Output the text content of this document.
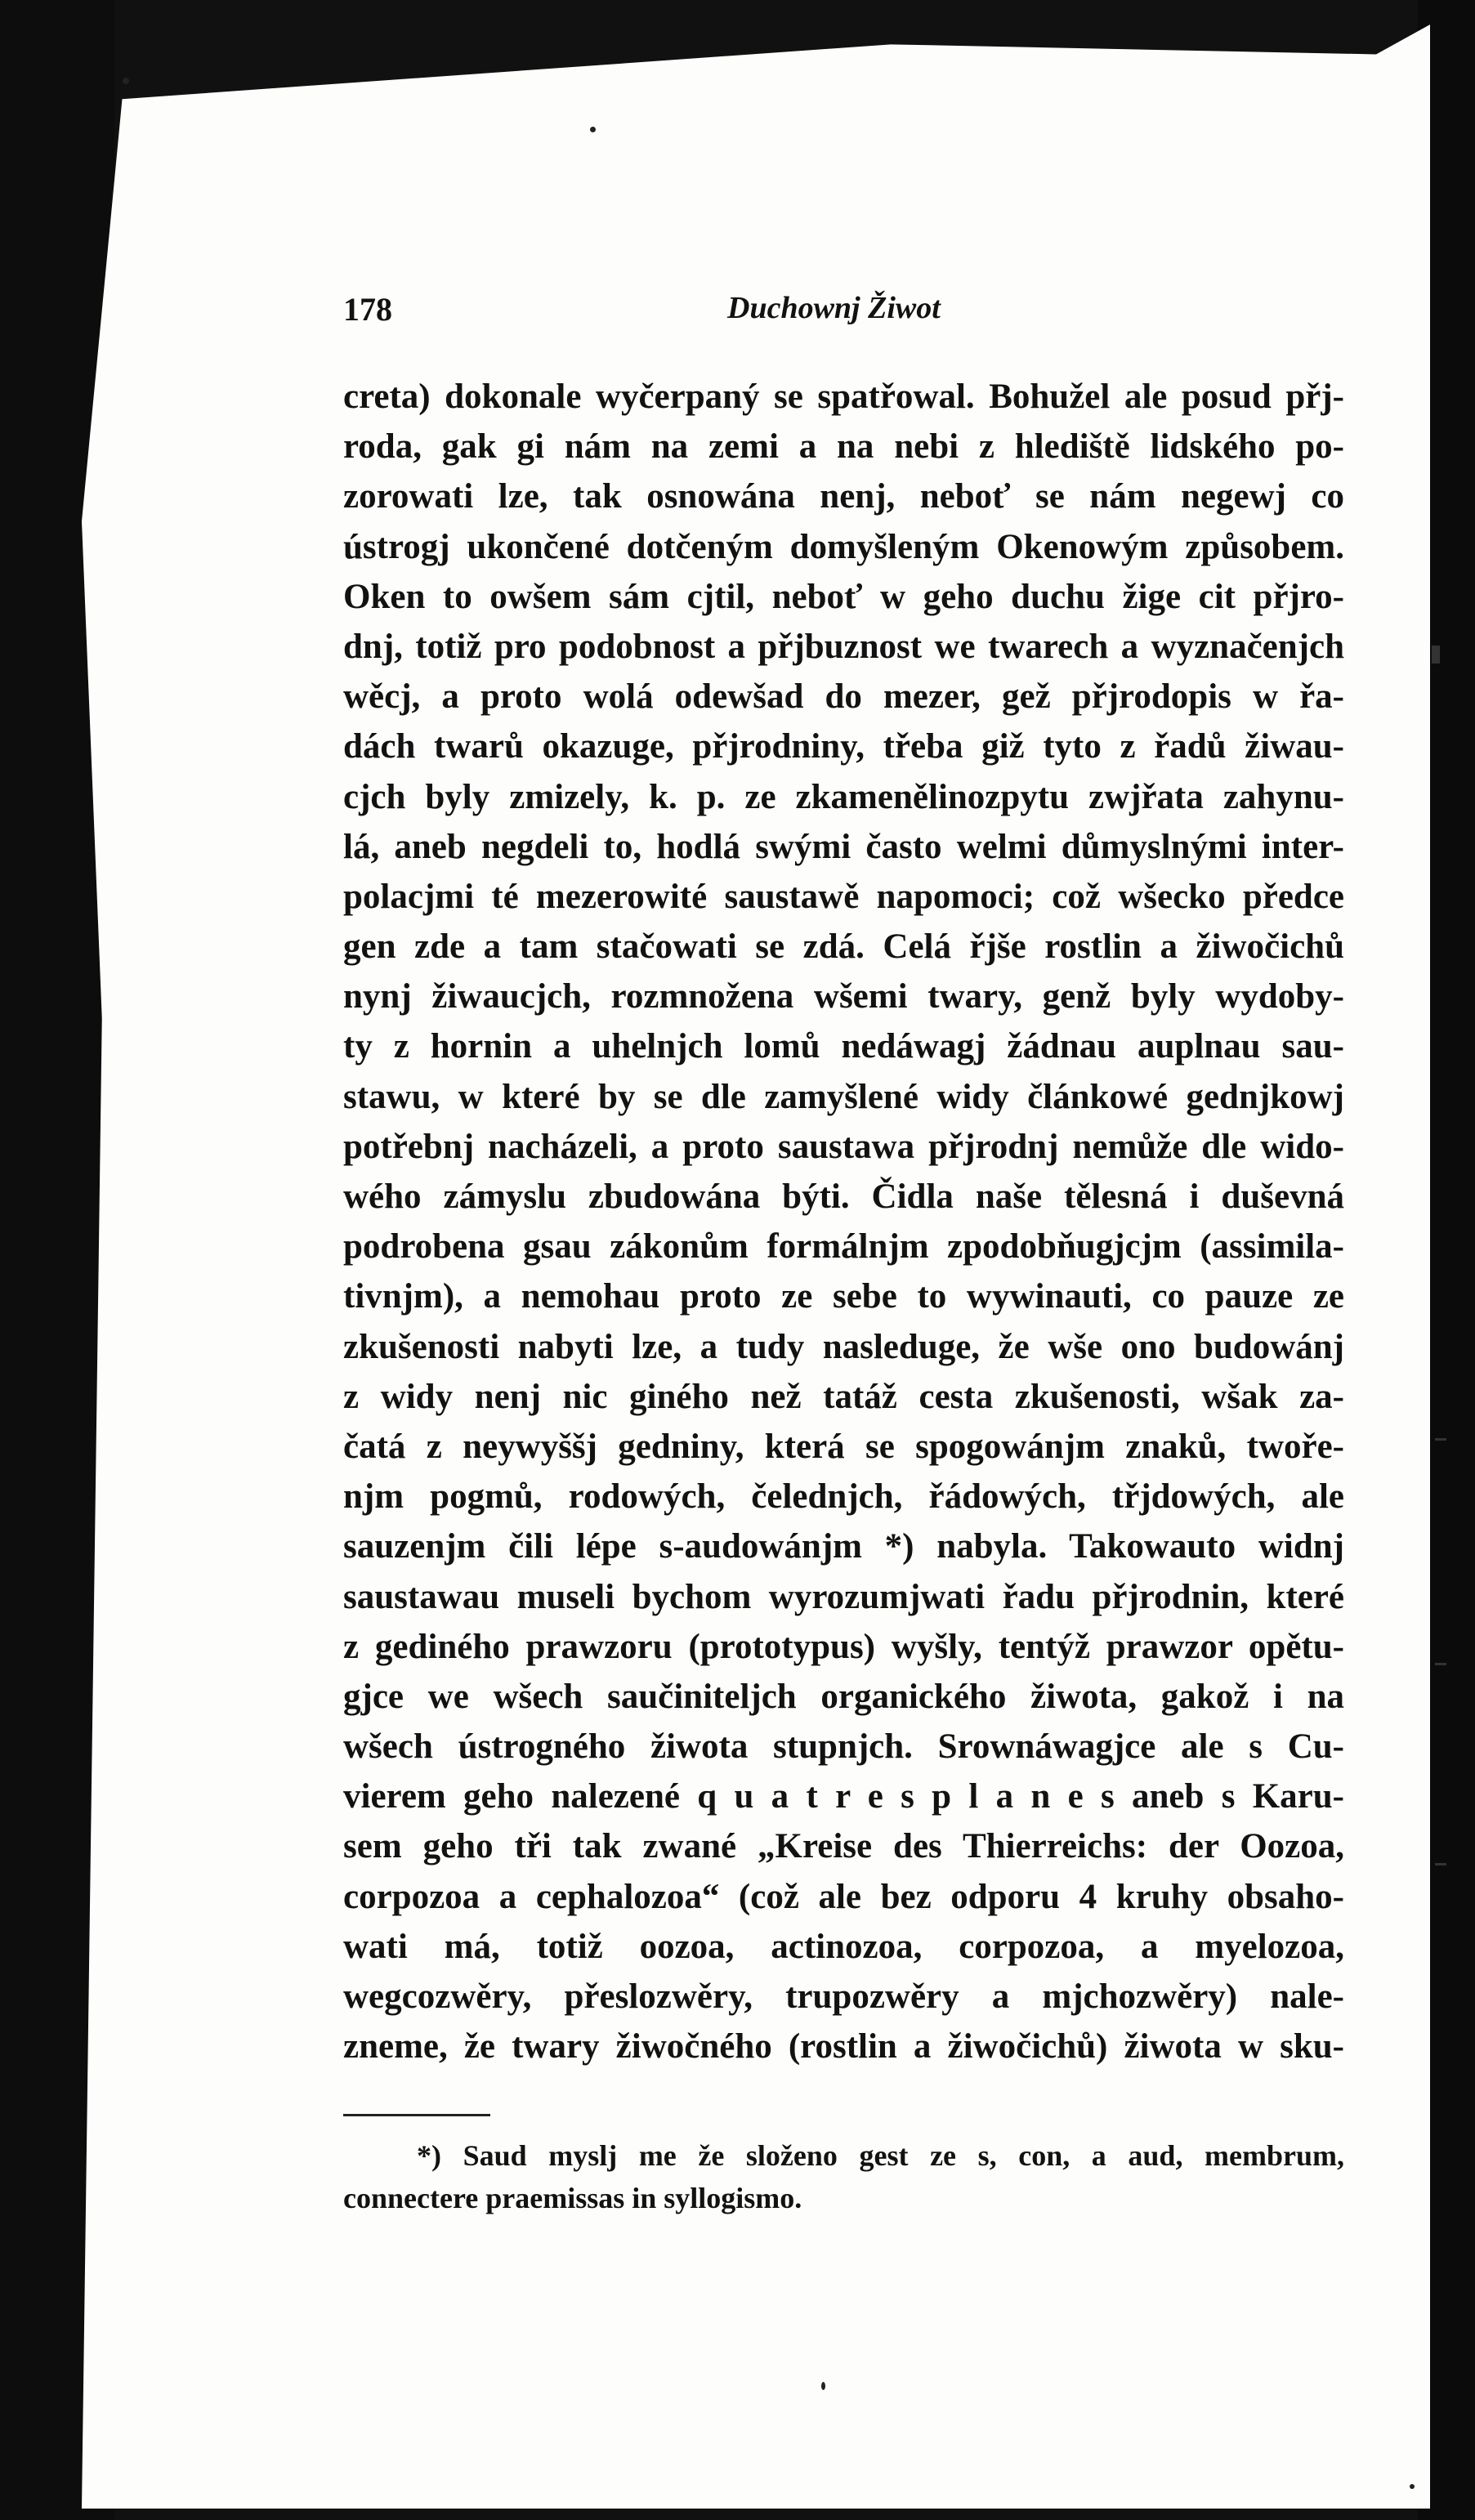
178	Duchownj Žiwot
creta) dokonale wyčerpaný se spatřowal. Bohužel ale posud přj-
roda, gak gi nám na zemi a na nebi z hlediště lidského po-
zorowati lze, tak osnowána nenj, neboť se nám negewj co
ústrogj ukončené dotčeným domyšleným Okenowým způsobem.
Oken to owšem sám cjtil, neboť w geho duchu žige cit přjro-
dnj, totiž pro podobnost a přjbuznost we twarech a wyznačenjch
wěcj, a proto wolá odewšad do mezer, gež přjrodopis w řa-
dách twarů okazuge, přjrodniny, třeba giž tyto z řadů žiwau-
cjch byly zmizely, k. p. ze zkamenělinozpytu zwjřata zahynu-
lá, aneb negdeli to, hodlá swými často welmi důmyslnými inter-
polacjmi té mezerowité saustawě napomoci; což wšecko předce
gen zde a tam stačowati se zdá. Celá řjše rostlin a žiwočichů
nynj žiwaucjch, rozmnožena wšemi twary, genž byly wydoby-
ty z hornin a uhelnjch lomů nedáwagj žádnau auplnau sau-
stawu, w které by se dle zamyšlené widy článkowé gednjkowj
potřebnj nacházeli, a proto saustawa přjrodnj nemůže dle wido-
wého zámyslu zbudowána býti. Čidla naše tělesná i duševná
podrobena gsau zákonům formálnjm zpodobňugjcjm (assimila-
tivnjm), a nemohau proto ze sebe to wywinauti, co pauze ze
zkušenosti nabyti lze, a tudy nasleduge, že wše ono budowánj
z widy nenj nic giného než tatáž cesta zkušenosti, wšak za-
čatá z neywyššj gedniny, která se spogowánjm znaků, twoře-
njm pogmů, rodowých, čelednjch, řádowých, třjdowých, ale
sauzenjm čili lépe s-audowánjm *) nabyla. Takowauto widnj
saustawau museli bychom wyrozumjwati řadu přjrodnin, které
z gediného prawzoru (prototypus) wyšly, tentýž prawzor opětu-
gjce we wšech saučiniteljch organického žiwota, gakož i na
wšech ústrogného žiwota stupnjch. Srownáwagjce ale s Cu-
vierem geho nalezené q u a t r e s p l a n e s aneb s Karu-
sem geho tři tak zwané „Kreise des Thierreichs: der Oozoa,
corpozoa a cephalozoa“ (což ale bez odporu 4 kruhy obsaho-
wati má, totiž oozoa, actinozoa, corpozoa, a myelozoa,
wegcozwěry, přeslozwěry, trupozwěry a mjchozwěry) nale-
zneme, že twary žiwočného (rostlin a žiwočichů) žiwota w sku-
*) Saud myslj me že složeno gest ze s, con, a aud, membrum,
connectere praemissas in syllogismo.
